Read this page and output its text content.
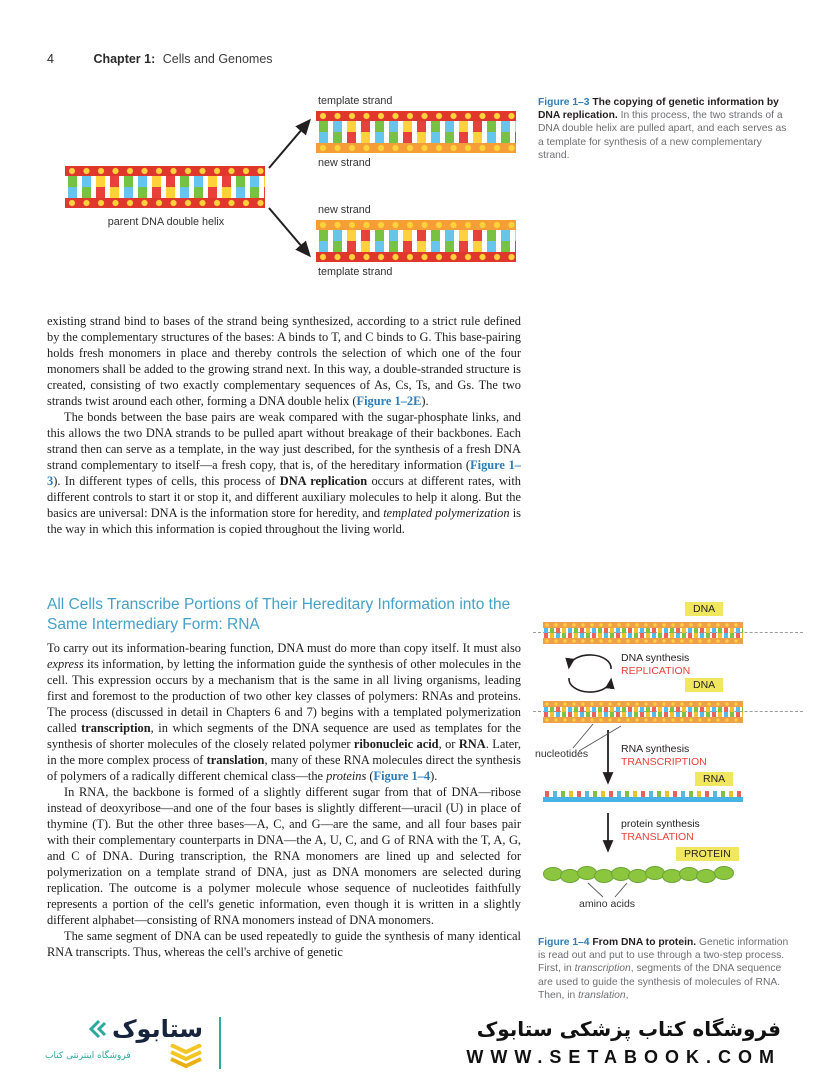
4	Chapter 1: Cells and Genomes
parent DNA double helix
template strand
new strand
new strand
template strand
Figure 1–3 The copying of genetic information by DNA replication. In this process, the two strands of a DNA double helix are pulled apart, and each serves as a template for synthesis of a new complementary strand.

existing strand bind to bases of the strand being synthesized, according to a strict rule defined by the complementary structures of the bases: A binds to T, and C binds to G. This base-pairing holds fresh monomers in place and thereby controls the selection of which one of the four monomers shall be added to the growing strand next. In this way, a double-stranded structure is created, consisting of two exactly complementary sequences of As, Cs, Ts, and Gs. The two strands twist around each other, forming a DNA double helix (Figure 1–2E).

The bonds between the base pairs are weak compared with the sugar-phosphate links, and this allows the two DNA strands to be pulled apart without breakage of their backbones. Each strand then can serve as a template, in the way just described, for the synthesis of a fresh DNA strand complementary to itself—a fresh copy, that is, of the hereditary information (Figure 1–3). In different types of cells, this process of DNA replication occurs at different rates, with different controls to start it or stop it, and different auxiliary molecules to help it along. But the basics are universal: DNA is the information store for heredity, and templated polymerization is the way in which this information is copied throughout the living world.

All Cells Transcribe Portions of Their Hereditary Information into the Same Intermediary Form: RNA

To carry out its information-bearing function, DNA must do more than copy itself. It must also express its information, by letting the information guide the synthesis of other molecules in the cell. This expression occurs by a mechanism that is the same in all living organisms, leading first and foremost to the production of two other key classes of polymers: RNAs and proteins. The process (discussed in detail in Chapters 6 and 7) begins with a templated polymerization called transcription, in which segments of the DNA sequence are used as templates for the synthesis of shorter molecules of the closely related polymer ribonucleic acid, or RNA. Later, in the more complex process of translation, many of these RNA molecules direct the synthesis of polymers of a radically different chemical class—the proteins (Figure 1–4).

In RNA, the backbone is formed of a slightly different sugar from that of DNA—ribose instead of deoxyribose—and one of the four bases is slightly different—uracil (U) in place of thymine (T). But the other three bases—A, C, and G—are the same, and all four bases pair with their complementary counterparts in DNA—the A, U, C, and G of RNA with the T, A, G, and C of DNA. During transcription, the RNA monomers are lined up and selected for polymerization on a template strand of DNA, just as DNA monomers are selected during replication. The outcome is a polymer molecule whose sequence of nucleotides faithfully represents a portion of the cell's genetic information, even though it is written in a slightly different alphabet—consisting of RNA monomers instead of DNA monomers.

The same segment of DNA can be used repeatedly to guide the synthesis of many identical RNA transcripts. Thus, whereas the cell's archive of genetic

DNA
DNA synthesis
REPLICATION
DNA
nucleotides	RNA synthesis
TRANSCRIPTION
RNA
protein synthesis
TRANSLATION
PROTEIN
amino acids
Figure 1–4 From DNA to protein. Genetic information is read out and put to use through a two-step process. First, in transcription, segments of the DNA sequence are used to guide the synthesis of molecules of RNA. Then, in translation,
ستابوک
فروشگاه اینترنتی کتاب
فروشگاه کتاب پزشکی ستابوک
WWW.SETABOOK.COM
